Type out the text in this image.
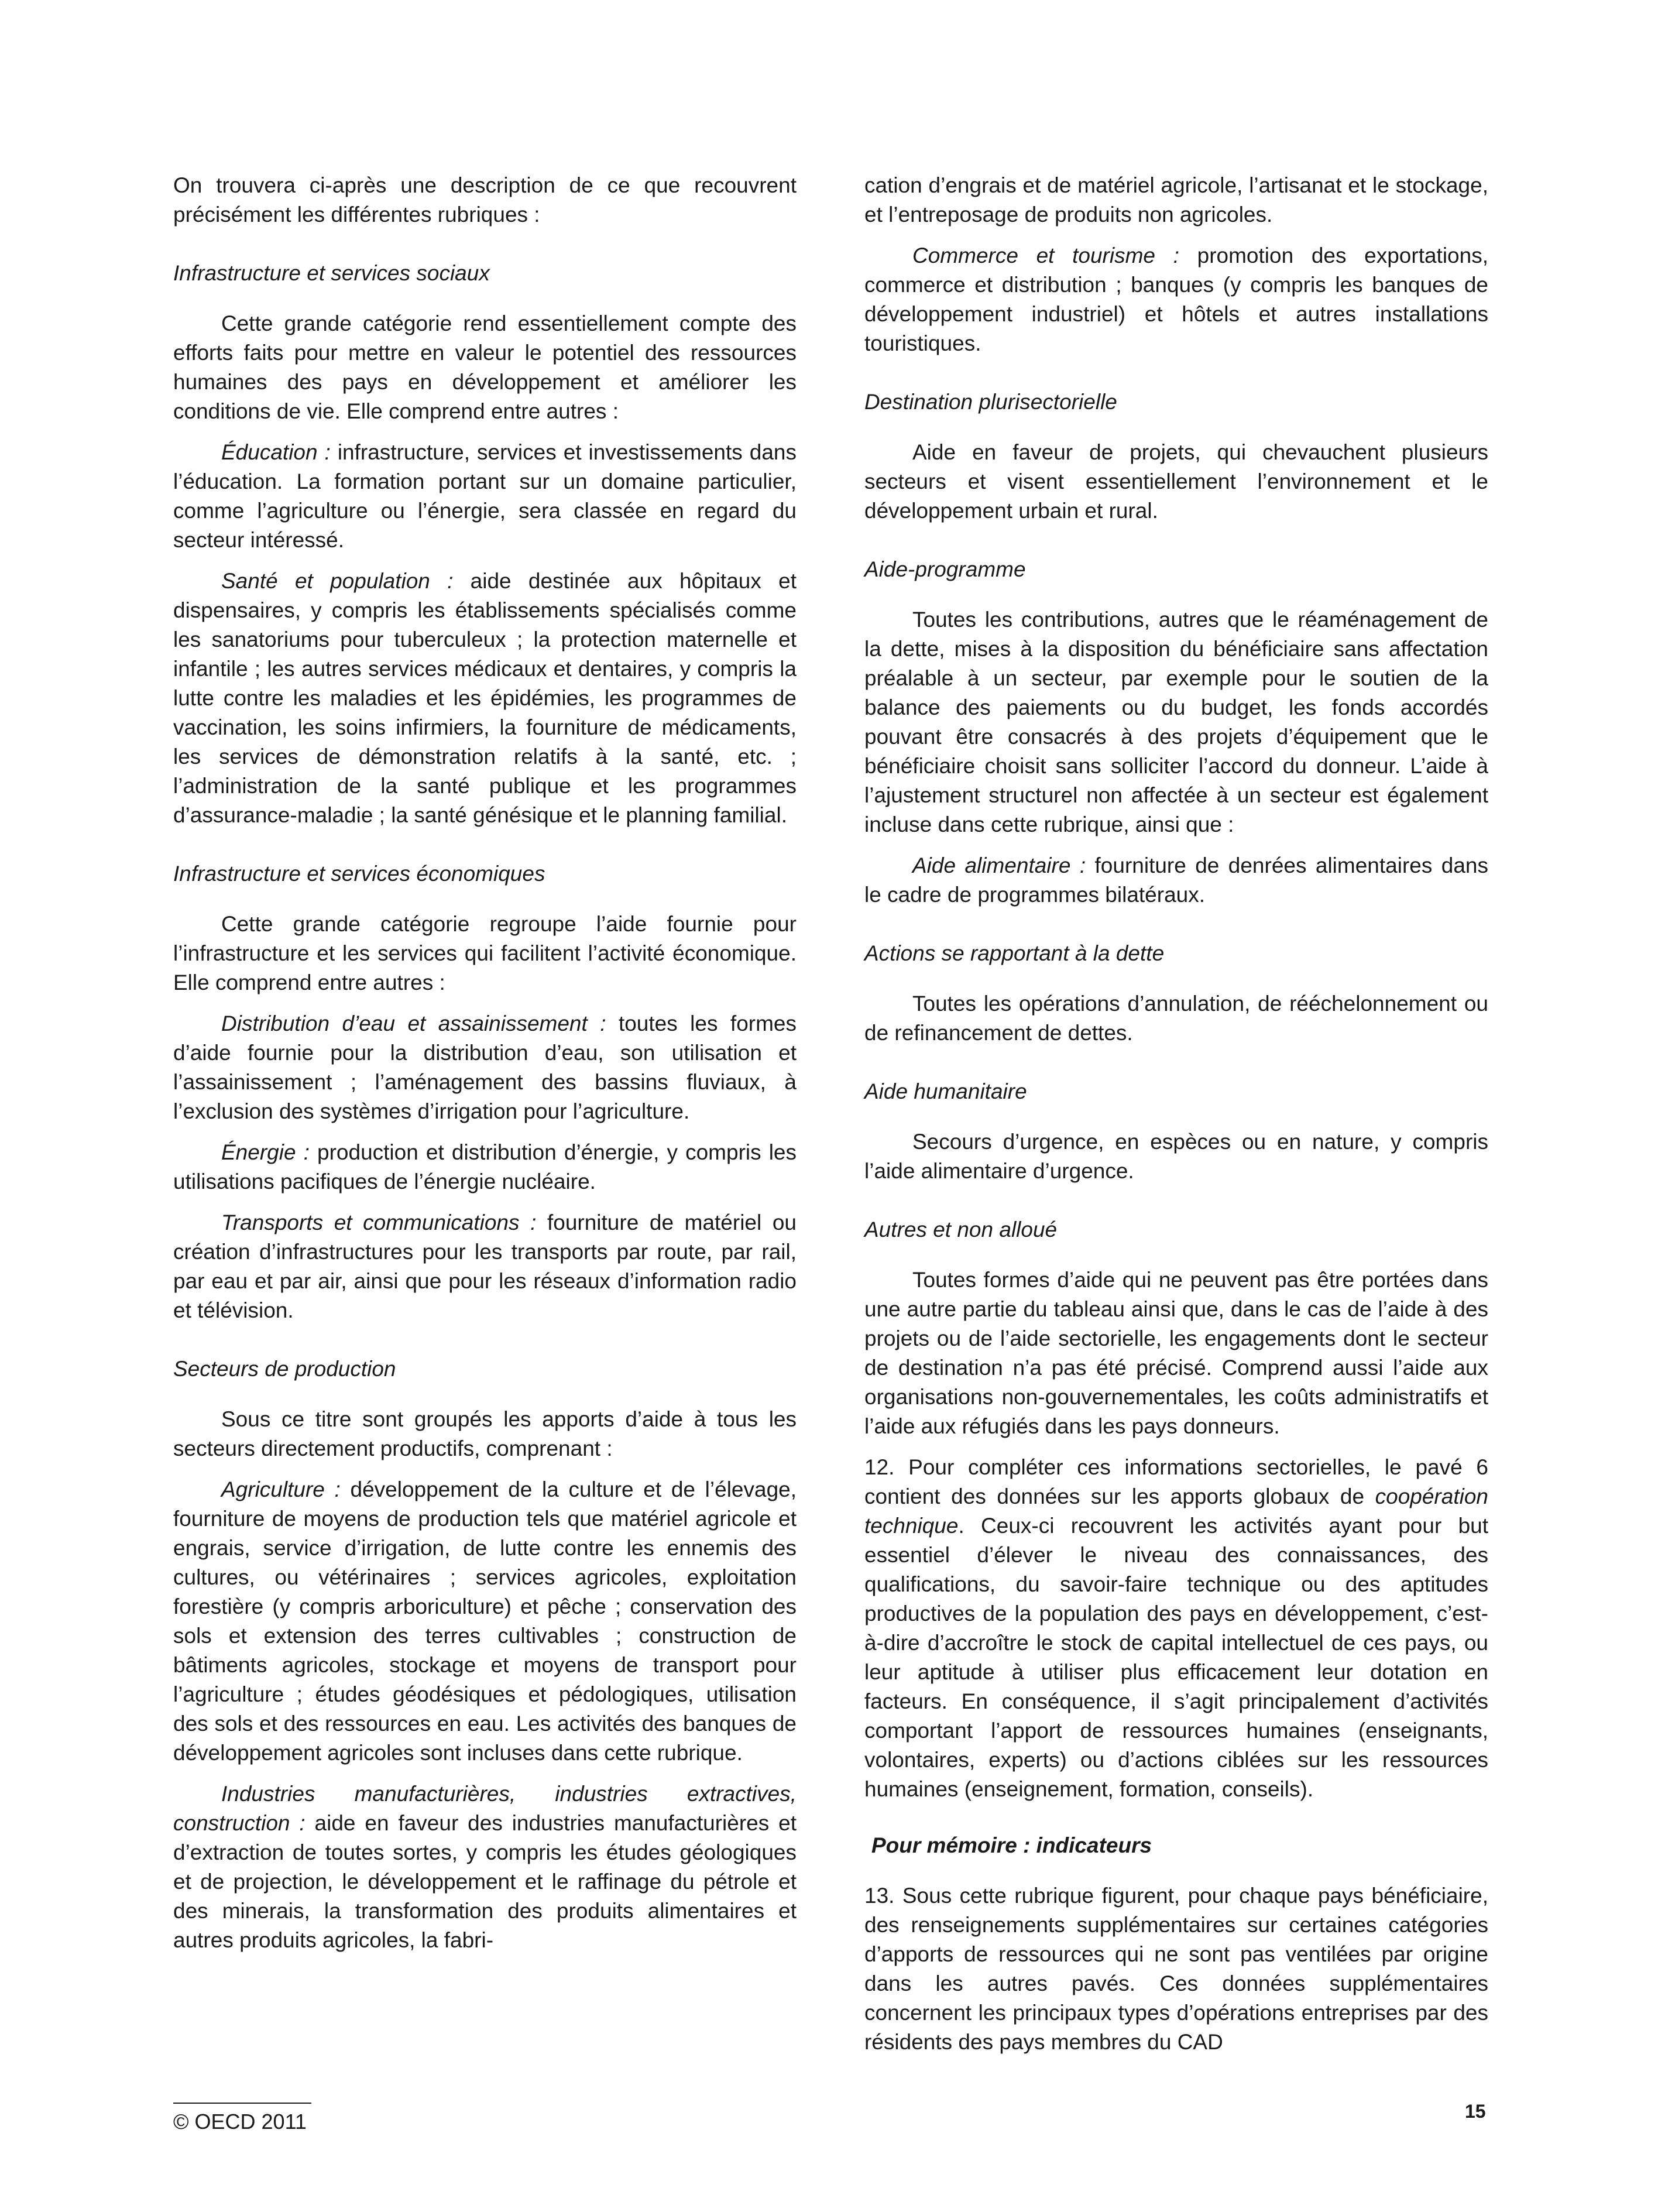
On trouvera ci-après une description de ce que recouvrent précisément les différentes rubriques :

Infrastructure et services sociaux

Cette grande catégorie rend essentiellement compte des efforts faits pour mettre en valeur le potentiel des ressources humaines des pays en développement et améliorer les conditions de vie. Elle comprend entre autres :

Éducation : infrastructure, services et investissements dans l’éducation. La formation portant sur un domaine particulier, comme l’agriculture ou l’énergie, sera classée en regard du secteur intéressé.

Santé et population : aide destinée aux hôpitaux et dispensaires, y compris les établissements spécialisés comme les sanatoriums pour tuberculeux ; la protection maternelle et infantile ; les autres services médicaux et dentaires, y compris la lutte contre les maladies et les épidémies, les programmes de vaccination, les soins infirmiers, la fourniture de médicaments, les services de démonstration relatifs à la santé, etc. ; l’administration de la santé publique et les programmes d’assurance-maladie ; la santé génésique et le planning familial.

Infrastructure et services économiques

Cette grande catégorie regroupe l’aide fournie pour l’infrastructure et les services qui facilitent l’activité économique. Elle comprend entre autres :

Distribution d’eau et assainissement : toutes les formes d’aide fournie pour la distribution d’eau, son utilisation et l’assainissement ; l’aménagement des bassins fluviaux, à l’exclusion des systèmes d’irrigation pour l’agriculture.

Énergie : production et distribution d’énergie, y compris les utilisations pacifiques de l’énergie nucléaire.

Transports et communications : fourniture de matériel ou création d’infrastructures pour les transports par route, par rail, par eau et par air, ainsi que pour les réseaux d’information radio et télévision.

Secteurs de production

Sous ce titre sont groupés les apports d’aide à tous les secteurs directement productifs, comprenant :

Agriculture : développement de la culture et de l’élevage, fourniture de moyens de production tels que matériel agricole et engrais, service d’irrigation, de lutte contre les ennemis des cultures, ou vétérinaires ; services agricoles, exploitation forestière (y compris arboriculture) et pêche ; conservation des sols et extension des terres cultivables ; construction de bâtiments agricoles, stockage et moyens de transport pour l’agriculture ; études géodésiques et pédologiques, utilisation des sols et des ressources en eau. Les activités des banques de développement agricoles sont incluses dans cette rubrique.

Industries manufacturières, industries extractives, construction : aide en faveur des industries manufacturières et d’extraction de toutes sortes, y compris les études géologiques et de projection, le développement et le raffinage du pétrole et des minerais, la transformation des produits alimentaires et autres produits agricoles, la fabri-

cation d’engrais et de matériel agricole, l’artisanat et le stockage, et l’entreposage de produits non agricoles.

Commerce et tourisme : promotion des exportations, commerce et distribution ; banques (y compris les banques de développement industriel) et hôtels et autres installations touristiques.

Destination plurisectorielle

Aide en faveur de projets, qui chevauchent plusieurs secteurs et visent essentiellement l’environnement et le développement urbain et rural.

Aide-programme

Toutes les contributions, autres que le réaménagement de la dette, mises à la disposition du bénéficiaire sans affectation préalable à un secteur, par exemple pour le soutien de la balance des paiements ou du budget, les fonds accordés pouvant être consacrés à des projets d’équipement que le bénéficiaire choisit sans solliciter l’accord du donneur. L’aide à l’ajustement structurel non affectée à un secteur est également incluse dans cette rubrique, ainsi que :

Aide alimentaire : fourniture de denrées alimentaires dans le cadre de programmes bilatéraux.

Actions se rapportant à la dette

Toutes les opérations d’annulation, de rééchelonnement ou de refinancement de dettes.

Aide humanitaire

Secours d’urgence, en espèces ou en nature, y compris l’aide alimentaire d’urgence.

Autres et non alloué

Toutes formes d’aide qui ne peuvent pas être portées dans une autre partie du tableau ainsi que, dans le cas de l’aide à des projets ou de l’aide sectorielle, les engagements dont le secteur de destination n’a pas été précisé. Comprend aussi l’aide aux organisations non-gouvernementales, les coûts administratifs et l’aide aux réfugiés dans les pays donneurs.

12. Pour compléter ces informations sectorielles, le pavé 6 contient des données sur les apports globaux de coopération technique. Ceux-ci recouvrent les activités ayant pour but essentiel d’élever le niveau des connaissances, des qualifications, du savoir-faire technique ou des aptitudes productives de la population des pays en développement, c’est-à-dire d’accroître le stock de capital intellectuel de ces pays, ou leur aptitude à utiliser plus efficacement leur dotation en facteurs. En conséquence, il s’agit principalement d’activités comportant l’apport de ressources humaines (enseignants, volontaires, experts) ou d’actions ciblées sur les ressources humaines (enseignement, formation, conseils).

Pour mémoire : indicateurs

13. Sous cette rubrique figurent, pour chaque pays bénéficiaire, des renseignements supplémentaires sur certaines catégories d’apports de ressources qui ne sont pas ventilées par origine dans les autres pavés. Ces données supplémentaires concernent les principaux types d’opérations entreprises par des résidents des pays membres du CAD

© OECD 2011	15
